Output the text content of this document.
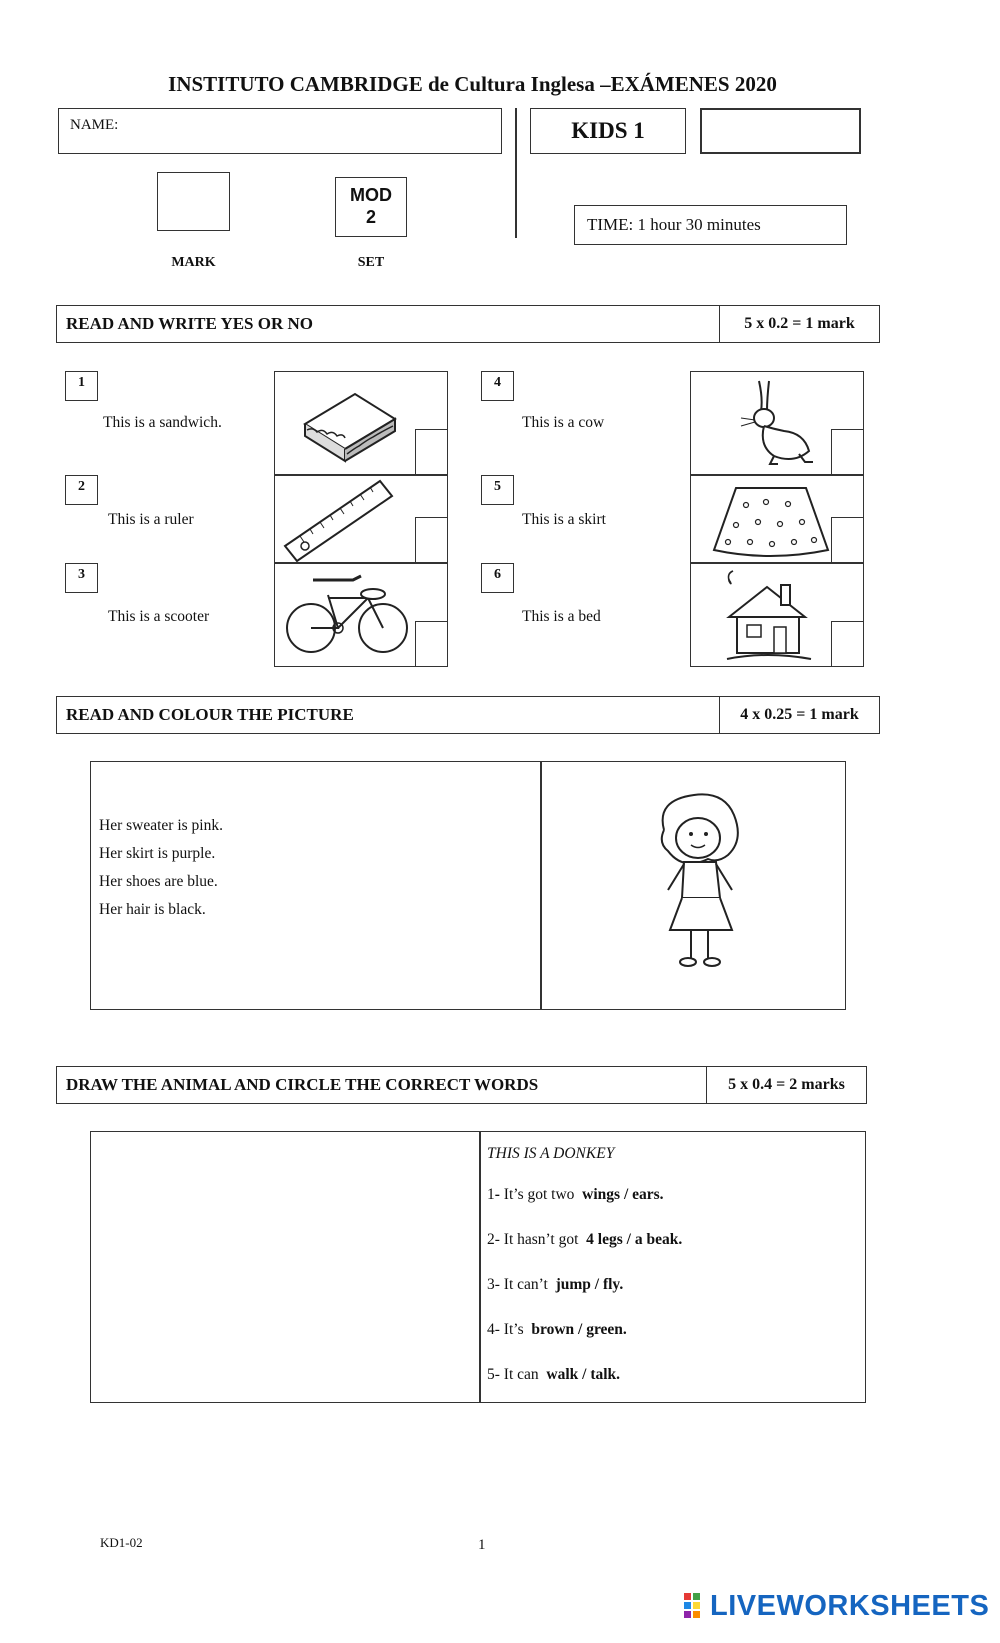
INSTITUTO CAMBRIDGE de Cultura Inglesa –EXÁMENES 2020
NAME:	KIDS 1
MARK
MOD
2
SET
TIME: 1 hour 30 minutes
READ AND WRITE YES OR NO	5 x 0.2 = 1 mark
1
This is a sandwich.
2
This is a ruler
3
This is a scooter
4
This is a cow
5
This is a skirt
6
This is a bed
READ AND COLOUR THE PICTURE	4 x 0.25 = 1 mark
Her sweater is pink.
Her skirt is purple.
Her shoes are blue.
Her hair is black.
DRAW THE ANIMAL AND CIRCLE THE CORRECT WORDS	5 x 0.4 = 2 marks
THIS IS A DONKEY
1- It’s got two  wings / ears.
2- It hasn’t got  4 legs / a beak.
3- It can’t  jump / fly.
4- It’s  brown / green.
5- It can  walk / talk.
KD1-02	1
LIVEWORKSHEETS
